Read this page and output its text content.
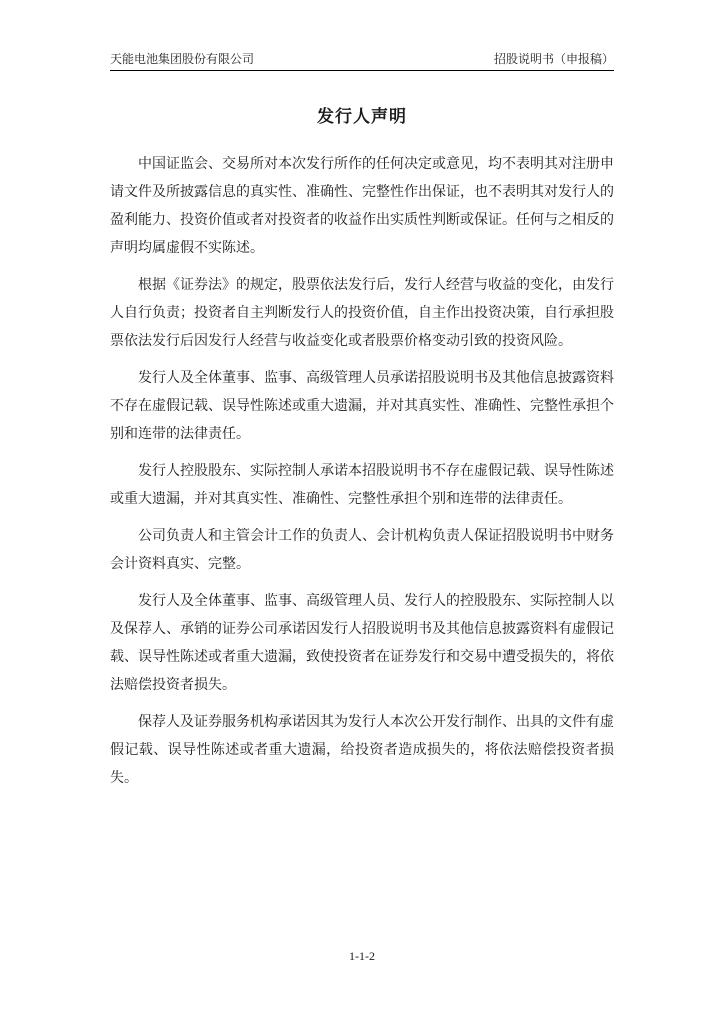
天能电池集团股份有限公司	招股说明书（申报稿）
发行人声明

中国证监会、交易所对本次发行所作的任何决定或意见，均不表明其对注册申请文件及所披露信息的真实性、准确性、完整性作出保证，也不表明其对发行人的盈利能力、投资价值或者对投资者的收益作出实质性判断或保证。任何与之相反的声明均属虚假不实陈述。

根据《证券法》的规定，股票依法发行后，发行人经营与收益的变化，由发行人自行负责；投资者自主判断发行人的投资价值，自主作出投资决策，自行承担股票依法发行后因发行人经营与收益变化或者股票价格变动引致的投资风险。

发行人及全体董事、监事、高级管理人员承诺招股说明书及其他信息披露资料不存在虚假记载、误导性陈述或重大遗漏，并对其真实性、准确性、完整性承担个别和连带的法律责任。

发行人控股股东、实际控制人承诺本招股说明书不存在虚假记载、误导性陈述或重大遗漏，并对其真实性、准确性、完整性承担个别和连带的法律责任。

公司负责人和主管会计工作的负责人、会计机构负责人保证招股说明书中财务会计资料真实、完整。

发行人及全体董事、监事、高级管理人员、发行人的控股股东、实际控制人以及保荐人、承销的证券公司承诺因发行人招股说明书及其他信息披露资料有虚假记载、误导性陈述或者重大遗漏，致使投资者在证券发行和交易中遭受损失的，将依法赔偿投资者损失。

保荐人及证券服务机构承诺因其为发行人本次公开发行制作、出具的文件有虚假记载、误导性陈述或者重大遗漏，给投资者造成损失的，将依法赔偿投资者损失。

1-1-2
